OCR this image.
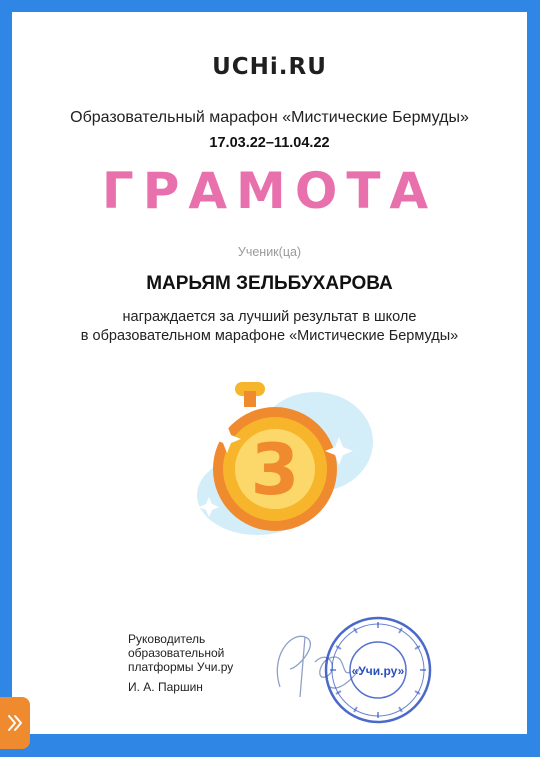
UCHi.RU
Образовательный марафон «Мистические Бермуды»
17.03.22–11.04.22
ГРАМОТА
Ученик(ца)
МАРЬЯМ ЗЕЛЬБУХАРОВА
награждается за лучший результат в школе
в образовательном марафоне «Мистические Бермуды»
3
Руководитель
образовательной
платформы Учи.ру
И. А. Паршин
«Учи.ру»
